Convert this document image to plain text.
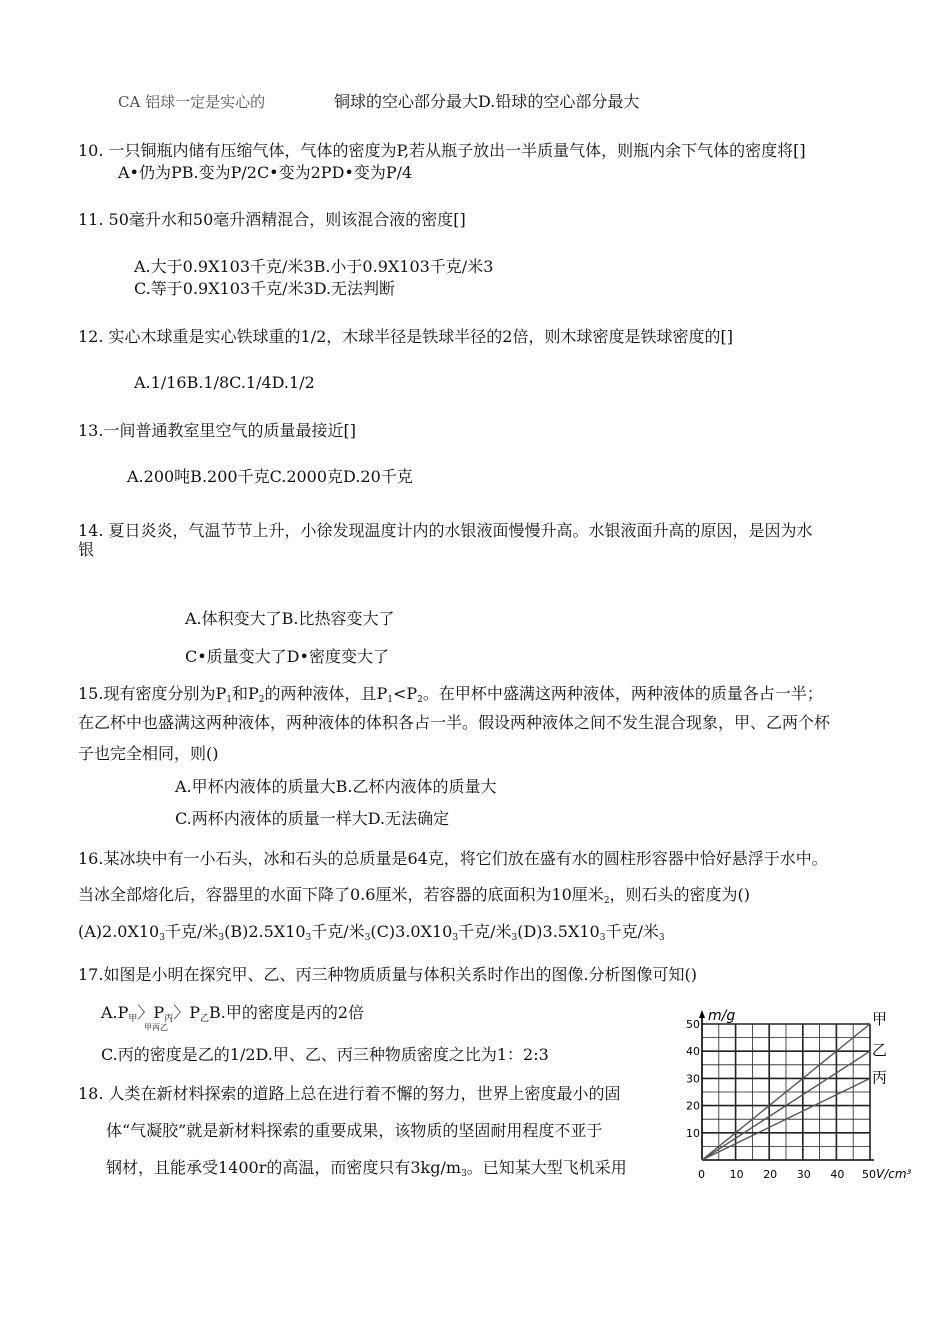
CA 铝球一定是实心的	铜球的空心部分最大D.铅球的空心部分最大
10. 一只铜瓶内储有压缩气体，气体的密度为P,若从瓶子放出一半质量气体，则瓶内余下气体的密度将[]
A•仍为PB.变为P/2C•变为2PD•变为P/4
11. 50毫升水和50毫升酒精混合，则该混合液的密度[]
A.大于0.9X103千克/米3B.小于0.9X103千克/米3
C.等于0.9X103千克/米3D.无法判断
12. 实心木球重是实心铁球重的1/2，木球半径是铁球半径的2倍，则木球密度是铁球密度的[]
A.1/16B.1/8C.1/4D.1/2
13.一间普通教室里空气的质量最接近[]
A.200吨B.200千克C.2000克D.20千克
14. 夏日炎炎，气温节节上升，小徐发现温度计内的水银液面慢慢升高。水银液面升高的原因，是因为水
银
A.体积变大了B.比热容变大了
C•质量变大了D•密度变大了
15.现有密度分别为$P_1$和$P_2$的两种液体，且$P_1<P_2$。在甲杯中盛满这两种液体，两种液体的质量各占一半；
在乙杯中也盛满这两种液体，两种液体的体积各占一半。假设两种液体之间不发生混合现象，甲、乙两个杯
子也完全相同，则()
A.甲杯内液体的质量大B.乙杯内液体的质量大
C.两杯内液体的质量一样大D.无法确定
16.某冰块中有一小石头，冰和石头的总质量是64克，将它们放在盛有水的圆柱形容器中恰好悬浮于水中。
当冰全部熔化后，容器里的水面下降了0.6厘米，若容器的底面积为10厘米$_2$，则石头的密度为()
$(A)2.0X10_3$千克/米$_3(B)2.5X10_3$千克/米$_3(C)3.0X10_3$千克/米$_3(D)3.5X10_3$千克/米$_3$
17.如图是小明在探究甲、乙、丙三种物质质量与体积关系时作出的图像.分析图像可知()
$A.P_甲$〉$P_丙$〉$P_乙B$.甲的密度是丙的2倍
甲丙乙
C.丙的密度是乙的1/2D.甲、乙、丙三种物质密度之比为1：2:3
18. 人类在新材料探索的道路上总在进行着不懈的努力，世界上密度最小的固
体“气凝胶”就是新材料探索的重要成果，该物质的坚固耐用程度不亚于
钢材，且能承受1400r的高温，而密度只有$3kg/m_3$。已知某大型飞机采用
10
20
30
40
50
0 10 20 30 40 50
甲
乙
丙
m/g
V/cm³
